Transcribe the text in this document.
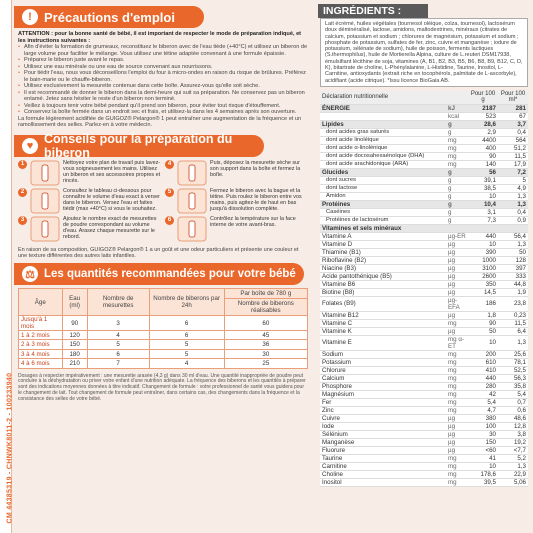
CM 44385319 - CHNWK8011-2 - 100233940
! Précautions d'emploi

ATTENTION : pour la bonne santé de bébé, il est important de respecter le mode de préparation indiqué, et les instructions suivantes :

• Afin d'éviter la formation de grumeaux, reconstituez le biberon avec de l'eau tiède (+40°C) et utilisez un biberon de large volume pour faciliter le mélange. Vous utilisez une tétine adaptée convenant à une formule épaissie.
• Préparez le biberon juste avant le repas.
• Utilisez une eau minérale ou une eau de source convenant aux nourrissons.
• Pour tiédir l'eau, nous vous déconseillons l'emploi du four à micro-ondes en raison du risque de brûlures. Préférez le bain-marie ou le chauffe-biberon.
• Utilisez exclusivement la mesurette contenue dans cette boîte. Assurez-vous qu'elle soit sèche.
• Il est recommandé de donner le biberon dans la demi-heure qui suit sa préparation. Ne conservez pas un biberon entamé. Jetez sans hésiter le reste d'un biberon non terminé.
• Veillez à toujours tenir votre bébé pendant qu'il prend son biberon, pour éviter tout risque d'étouffement.
• Conservez la boîte fermée dans un endroit sec et frais, et utilisez-la dans les 4 semaines après son ouverture.

La formule légèrement acidifiée de GUIGOZ® Pelargon® 1 peut entraîner une augmentation de la fréquence et un ramollissement des selles. Parlez-en à votre médecin.

♥ Conseils pour la préparation du biberon
1	Nettoyez votre plan de travail puis lavez-vous soigneusement les mains. Utilisez un biberon et ses accessoires propres et rincés.
4	Puis, déposez la mesurette sèche sur son support dans la boîte et fermez la boîte.
2	Consultez le tableau ci-dessous pour connaître le volume d'eau exact à verser dans le biberon. Versez l'eau et faites tiédir (max +40°C) si vous le souhaitez.
5	Fermez le biberon avec la bague et la tétine. Puis roulez le biberon entre vos mains, puis agitez-le de haut en bas jusqu'à dissolution complète.
3	Ajoutez le nombre exact de mesurettes de poudre correspondant au volume d'eau. Arasez chaque mesurette sur le rebord.
6	Contrôlez la température sur la face interne de votre avant-bras.

En raison de sa composition, GUIGOZ® Pelargon® 1 a un goût et une odeur particuliers et présente une couleur et une texture différentes des autres laits infantiles.

⚖ Les quantités recommandées pour votre bébé
Âge	Eau (ml)	Nombre de mesurettes	Nombre de biberons par 24h	Par boîte de 780 g
				Nombre de biberons réalisables
Jusqu'à 1 mois	90	3	6	60
1 à 2 mois	120	4	6	45
2 à 3 mois	150	5	5	36
3 à 4 mois	180	6	5	30
4 à 6 mois	210	7	4	25

Dosages à respecter impérativement : une mesurette arasée (4,3 g) dans 30 ml d'eau. Une quantité inappropriée de poudre peut conduire à la déshydratation ou priver votre enfant d'une nutrition adéquate. La fréquence des biberons et les quantités à préparer sont des indications moyennes données à titre indicatif. Changement de formule : votre professionnel de santé vous guidera pour le changement de lait. Tout changement de formule peut entraîner, dans certains cas, des changements dans la fréquence et la consistance des selles de votre bébé.

INGRÉDIENTS :
Lait écrémé, huiles végétales (tournesol oléique, colza, tournesol), lactosérum doux déminéralisé, lactose, amidons, maltodextrines, minéraux (citrates de calcium, potassium et sodium ; chlorures de magnésium, potassium et sodium ; phosphate de potassium, sulfates de fer, zinc, cuivre et manganèse ; iodure de potassium, sélénate de sodium), huile de poisson, ferments lactiques (S.thermophilus), huile de Mortierella Alpina, culture de L.reuteri DSM17938, émulsifiant lécithine de soja, vitamines (A, B1, B2, B3, B5, B6, B8, B9, B12, C, D, K), bitartrate de choline, L-Phénylalanine, L-Histidine, Taurine, Inositol, L-Carnitine, antioxydants (extrait riche en tocophérols, palmitate de L-ascorbyle), acidifiant (acide citrique). *Issu licence BioGaia AB.
Déclaration nutritionnelle		Pour 100 g	Pour 100 ml*
ÉNERGIE	kJ	2187	281
	kcal	523	67
Lipides	g	28,6	3,7
dont acides gras saturés	g	2,9	0,4
dont acide linoléique	mg	4400	564
dont acide α-linolénique	mg	400	51,2
dont acide docosahexaénoïque (DHA)	mg	90	11,5
dont acide arachidonique (ARA)	mg	140	17,9
Glucides	g	56	7,2
dont sucres	g	39,1	5
dont lactose	g	38,5	4,9
Amidon	g	10	1,3
Protéines	g	10,4	1,3
Caséines	g	3,1	0,4
Protéines de lactosérum	g	7,3	0,9
Vitamines et sels minéraux			
Vitamine A	µg-ER	440	56,4
Vitamine D	µg	10	1,3
Thiamine (B1)	µg	390	50
Riboflavine (B2)	µg	1000	128
Niacine (B3)	µg	3100	397
Acide pantothénique (B5)	µg	2600	333
Vitamine B6	µg	350	44,8
Biotine (B8)	µg	14,5	1,9
Folates (B9)	µg-EFA	186	23,8
Vitamine B12	µg	1,8	0,23
Vitamine C	mg	90	11,5
Vitamine K	µg	50	6,4
Vitamine E	mg α-ET	10	1,3
Sodium	mg	200	25,6
Potassium	mg	610	78,1
Chlorure	mg	410	52,5
Calcium	mg	440	56,3
Phosphore	mg	280	35,8
Magnésium	mg	42	5,4
Fer	mg	5,4	0,7
Zinc	mg	4,7	0,6
Cuivre	µg	380	48,6
Iode	µg	100	12,8
Sélénium	µg	30	3,8
Manganèse	µg	150	19,2
Fluorure	µg	<60	<7,7
Taurine	mg	41	5,2
Carnitine	mg	10	1,3
Choline	mg	178,6	22,9
Inositol	mg	39,5	5,06
